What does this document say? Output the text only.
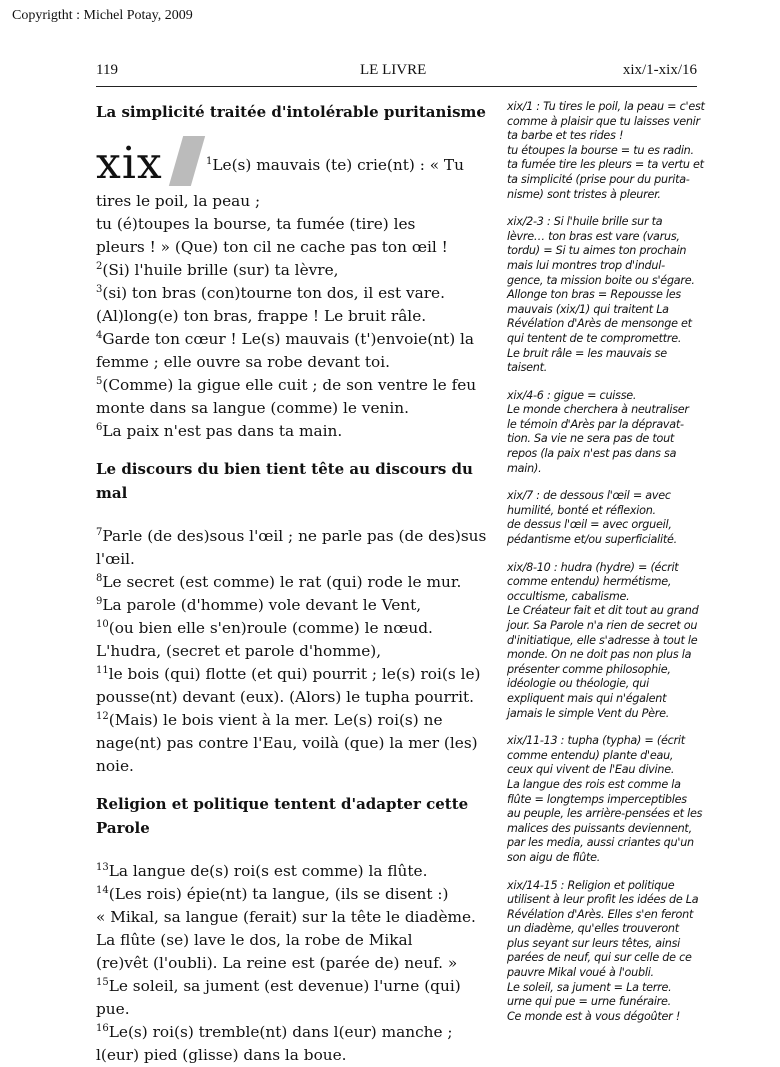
Copyrigtht : Michel Potay, 2009
119	LE LIVRE	xix/1-xix/16
La simplicité traitée d'intolérable puritanisme
xix	$^1$Le(s) mauvais (te) crie(nt) : « Tu
tires le poil, la peau ;
tu (é)toupes la bourse, ta fumée (tire) les
pleurs ! » (Que) ton cil ne cache pas ton œil !
$^2$(Si) l'huile brille (sur) ta lèvre,
$^3$(si) ton bras (con)tourne ton dos, il est vare.
(Al)long(e) ton bras, frappe ! Le bruit râle.
$^4$Garde ton cœur ! Le(s) mauvais (t')envoie(nt) la
femme ; elle ouvre sa robe devant toi.
$^5$(Comme) la gigue elle cuit ; de son ventre le feu
monte dans sa langue (comme) le venin.
$^6$La paix n'est pas dans ta main.
Le discours du bien tient tête au discours du mal
$^7$Parle (de des)sous l'œil ; ne parle pas (de des)sus
l'œil.
$^8$Le secret (est comme) le rat (qui) rode le mur.
$^9$La parole (d'homme) vole devant le Vent,
$^{10}$(ou bien elle s'en)roule (comme) le nœud.
L'hudra, (secret et parole d'homme),
$^{11}$le bois (qui) flotte (et qui) pourrit ; le(s) roi(s le)
pousse(nt) devant (eux). (Alors) le tupha pourrit.
$^{12}$(Mais) le bois vient à la mer. Le(s) roi(s) ne
nage(nt) pas contre l'Eau, voilà (que) la mer (les)
noie.
Religion et politique tentent d'adapter cette Parole
$^{13}$La langue de(s) roi(s est comme) la flûte.
$^{14}$(Les rois) épie(nt) ta langue, (ils se disent :)
« Mikal, sa langue (ferait) sur la tête le diadème.
La flûte (se) lave le dos, la robe de Mikal
(re)vêt (l'oubli). La reine est (parée de) neuf. »
$^{15}$Le soleil, sa jument (est devenue) l'urne (qui)
pue.
$^{16}$Le(s) roi(s) tremble(nt) dans l(eur) manche ;
l(eur) pied (glisse) dans la boue.
xix/1 : Tu tires le poil, la peau = c'est
comme à plaisir que tu laisses venir
ta barbe et tes rides !
tu étoupes la bourse = tu es radin.
ta fumée tire les pleurs = ta vertu et
ta simplicité (prise pour du purita-
nisme) sont tristes à pleurer.
xix/2-3 : Si l'huile brille sur ta
lèvre… ton bras est vare (varus,
tordu) = Si tu aimes ton prochain
mais lui montres trop d'indul-
gence, ta mission boite ou s'égare.
Allonge ton bras = Repousse les
mauvais (xix/1) qui traitent La
Révélation d'Arès de mensonge et
qui tentent de te compromettre.
Le bruit râle = les mauvais se
taisent.
xix/4-6 : gigue = cuisse.
Le monde cherchera à neutraliser
le témoin d'Arès par la dépravat-
tion. Sa vie ne sera pas de tout
repos (la paix n'est pas dans sa
main).
xix/7 : de dessous l'œil = avec
humilité, bonté et réflexion.
de dessus l'œil = avec orgueil,
pédantisme et/ou superficialité.
xix/8-10 : hudra (hydre) = (écrit
comme entendu) hermétisme,
occultisme, cabalisme.
Le Créateur fait et dit tout au grand
jour. Sa Parole n'a rien de secret ou
d'initiatique, elle s'adresse à tout le
monde. On ne doit pas non plus la
présenter comme philosophie,
idéologie ou théologie, qui
expliquent mais qui n'égalent
jamais le simple Vent du Père.
xix/11-13 : tupha (typha) = (écrit
comme entendu) plante d'eau,
ceux qui vivent de l'Eau divine.
La langue des rois est comme la
flûte = longtemps imperceptibles
au peuple, les arrière-pensées et les
malices des puissants deviennent,
par les media, aussi criantes qu'un
son aigu de flûte.
xix/14-15 : Religion et politique
utilisent à leur profit les idées de La
Révélation d'Arès. Elles s'en feront
un diadème, qu'elles trouveront
plus seyant sur leurs têtes, ainsi
parées de neuf, qui sur celle de ce
pauvre Mikal voué à l'oubli.
Le soleil, sa jument = La terre.
urne qui pue = urne funéraire.
Ce monde est à vous dégoûter !
